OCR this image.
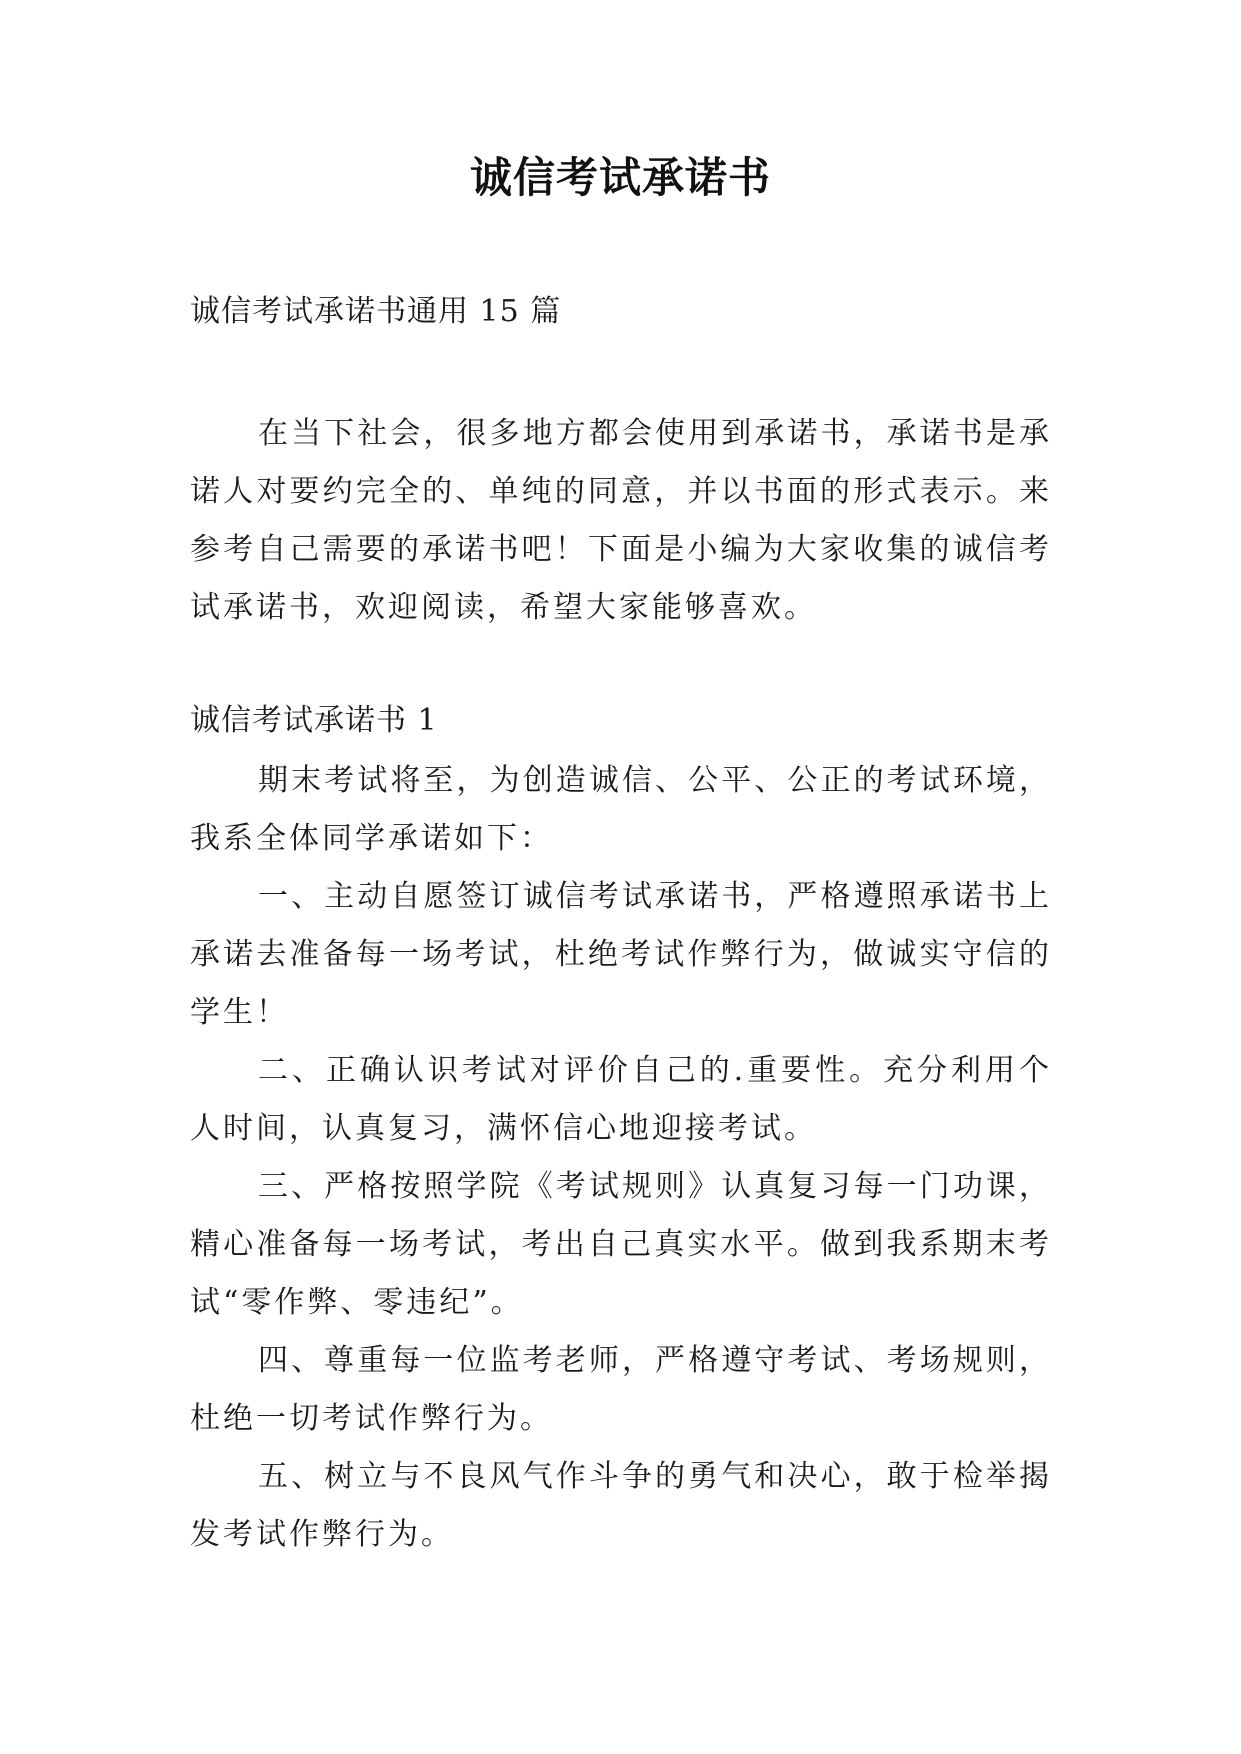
诚信考试承诺书

诚信考试承诺书通用 15 篇

在当下社会，很多地方都会使用到承诺书，承诺书是承诺人对要约完全的、单纯的同意，并以书面的形式表示。来参考自己需要的承诺书吧！下面是小编为大家收集的诚信考试承诺书，欢迎阅读，希望大家能够喜欢。

诚信考试承诺书 1

期末考试将至，为创造诚信、公平、公正的考试环境，我系全体同学承诺如下：

一、主动自愿签订诚信考试承诺书，严格遵照承诺书上承诺去准备每一场考试，杜绝考试作弊行为，做诚实守信的学生！

二、正确认识考试对评价自己的.重要性。充分利用个人时间，认真复习，满怀信心地迎接考试。

三、严格按照学院《考试规则》认真复习每一门功课，精心准备每一场考试，考出自己真实水平。做到我系期末考试“零作弊、零违纪”。

四、尊重每一位监考老师，严格遵守考试、考场规则，杜绝一切考试作弊行为。

五、树立与不良风气作斗争的勇气和决心，敢于检举揭发考试作弊行为。
